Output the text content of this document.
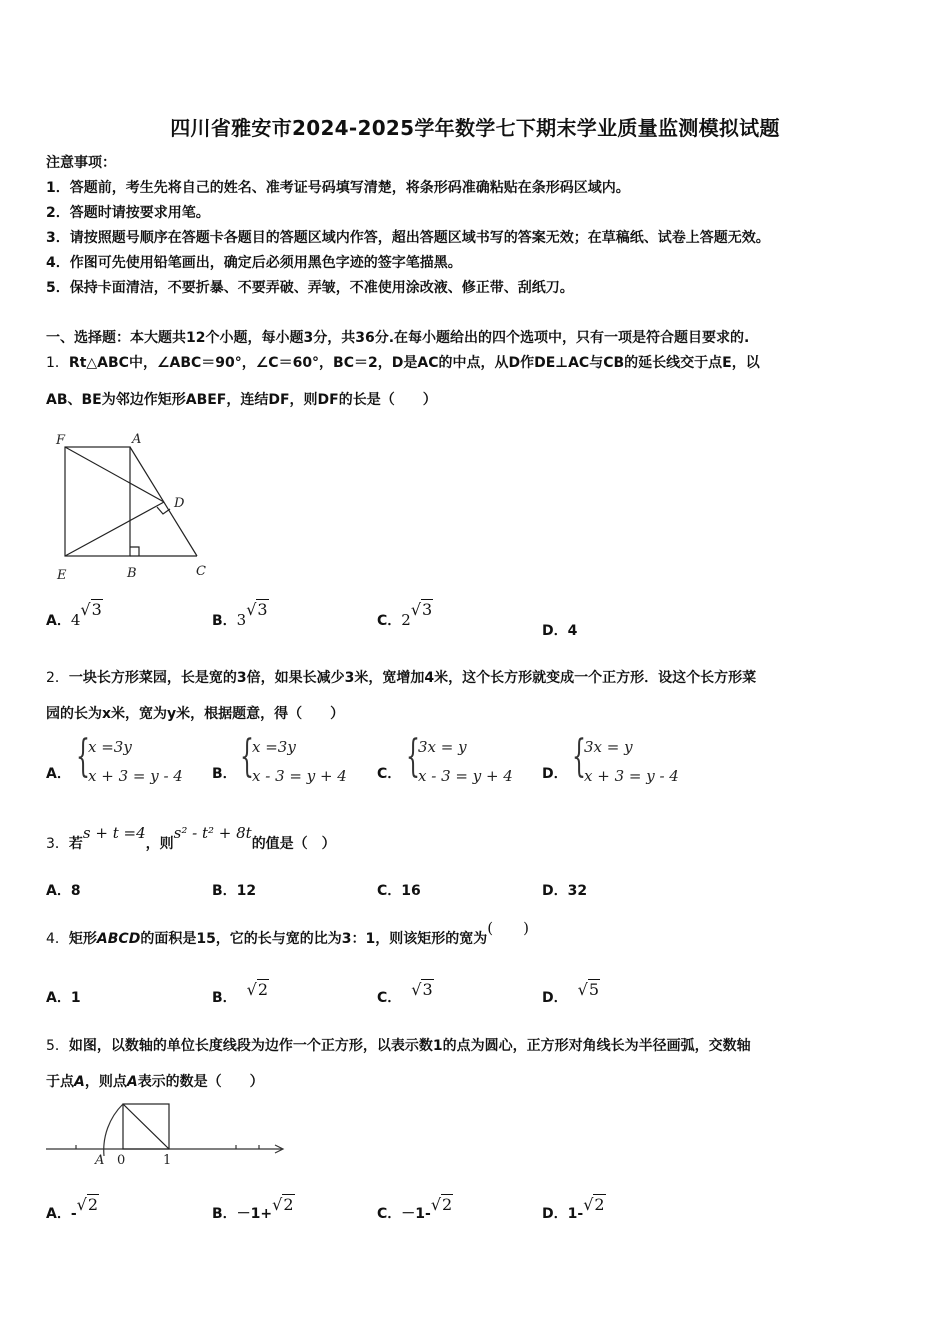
四川省雅安市2024-2025学年数学七下期末学业质量监测模拟试题
注意事项：
1．答题前，考生先将自己的姓名、准考证号码填写清楚，将条形码准确粘贴在条形码区域内。
2．答题时请按要求用笔。
3．请按照题号顺序在答题卡各题目的答题区域内作答，超出答题区域书写的答案无效；在草稿纸、试卷上答题无效。
4．作图可先使用铅笔画出，确定后必须用黑色字迹的签字笔描黑。
5．保持卡面清洁，不要折暴、不要弄破、弄皱，不准使用涂改液、修正带、刮纸刀。
一、选择题：本大题共12个小题，每小题3分，共36分.在每小题给出的四个选项中，只有一项是符合题目要求的.
1．Rt△ABC中，∠ABC＝90°，∠C＝60°，BC＝2，D是AC的中点，从D作DE⊥AC与CB的延长线交于点E，以
AB、BE为邻边作矩形ABEF，连结DF，则DF的长是（　　）
F	A
D
E	B	C
A．4√3
B．3√3
C．2√3
D．4
2．一块长方形菜园，长是宽的3倍，如果长减少3米，宽增加4米，这个长方形就变成一个正方形．设这个长方形菜
园的长为x米，宽为y米，根据题意，得（　　）
A． {
x =3y
x + 3 = y - 4 B． {
x =3y
x - 3 = y + 4 C． {
3x = y
x - 3 = y + 4 D． {
3x = y
x + 3 = y - 4
3．若s + t =4，则s² - t² + 8t的值是（　）
A．8	B．12	C．16	D．32
4．矩形ABCD的面积是15，它的长与宽的比为3：1，则该矩形的宽为(　　)
A．1	B． √2	C． √3	D． √5
5．如图，以数轴的单位长度线段为边作一个正方形，以表示数1的点为圆心，正方形对角线长为半径画弧，交数轴
于点A，则点A表示的数是（　　）
A 0	1
A．-√2	B．－1+√2	C．－1-√2	D．1-√2
